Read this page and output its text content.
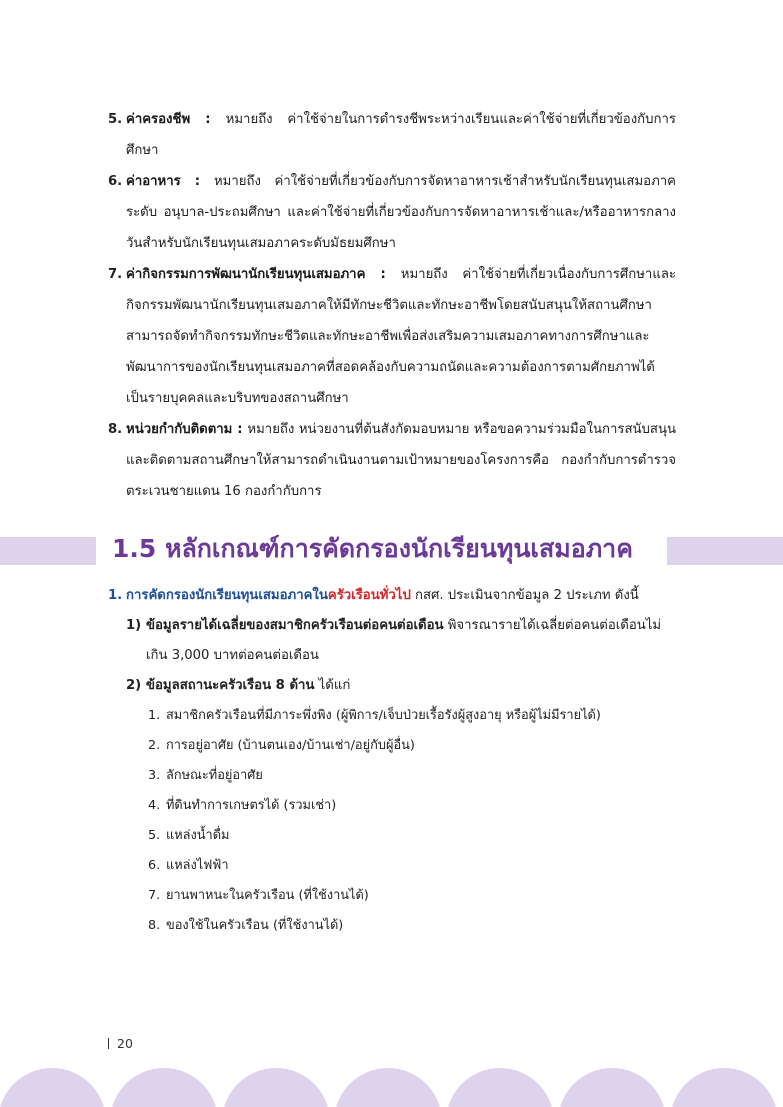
5. ค่าครองชีพ : หมายถึง ค่าใช้จ่ายในการดำรงชีพระหว่างเรียนและค่าใช้จ่ายที่เกี่ยวข้องกับการศึกษา
6. ค่าอาหาร : หมายถึง ค่าใช้จ่ายที่เกี่ยวข้องกับการจัดหาอาหารเช้าสำหรับนักเรียนทุนเสมอภาคระดับ อนุบาล-ประถมศึกษา และค่าใช้จ่ายที่เกี่ยวข้องกับการจัดหาอาหารเช้าและ/หรืออาหารกลางวันสำหรับนักเรียนทุนเสมอภาคระดับมัธยมศึกษา
7. ค่ากิจกรรมการพัฒนานักเรียนทุนเสมอภาค : หมายถึง ค่าใช้จ่ายที่เกี่ยวเนื่องกับการศึกษาและกิจกรรมพัฒนานักเรียนทุนเสมอภาคให้มีทักษะชีวิตและทักษะอาชีพโดยสนับสนุนให้สถานศึกษาสามารถจัดทำกิจกรรมทักษะชีวิตและทักษะอาชีพเพื่อส่งเสริมความเสมอภาคทางการศึกษาและพัฒนาการของนักเรียนทุนเสมอภาคที่สอดคล้องกับความถนัดและความต้องการตามศักยภาพได้เป็นรายบุคคลและบริบทของสถานศึกษา
8. หน่วยกำกับติดตาม : หมายถึง หน่วยงานที่ต้นสังกัดมอบหมาย หรือขอความร่วมมือในการสนับสนุน และติดตามสถานศึกษาให้สามารถดำเนินงานตามเป้าหมายของโครงการคือ กองกำกับการตำรวจตระเวนชายแดน 16 กองกำกับการ
1.5 หลักเกณฑ์การคัดกรองนักเรียนทุนเสมอภาค
1. การคัดกรองนักเรียนทุนเสมอภาคในครัวเรือนทั่วไป กสศ. ประเมินจากข้อมูล 2 ประเภท ดังนี้
1) ข้อมูลรายได้เฉลี่ยของสมาชิกครัวเรือนต่อคนต่อเดือน พิจารณารายได้เฉลี่ยต่อคนต่อเดือนไม่เกิน 3,000 บาทต่อคนต่อเดือน
2) ข้อมูลสถานะครัวเรือน 8 ด้าน ได้แก่
1. สมาชิกครัวเรือนที่มีภาระพึ่งพิง (ผู้พิการ/เจ็บป่วยเรื้อรังผู้สูงอายุ หรือผู้ไม่มีรายได้)
2. การอยู่อาศัย (บ้านตนเอง/บ้านเช่า/อยู่กับผู้อื่น)
3. ลักษณะที่อยู่อาศัย
4. ที่ดินทำการเกษตรได้ (รวมเช่า)
5. แหล่งน้ำดื่ม
6. แหล่งไฟฟ้า
7. ยานพาหนะในครัวเรือน (ที่ใช้งานได้)
8. ของใช้ในครัวเรือน (ที่ใช้งานได้)
20
